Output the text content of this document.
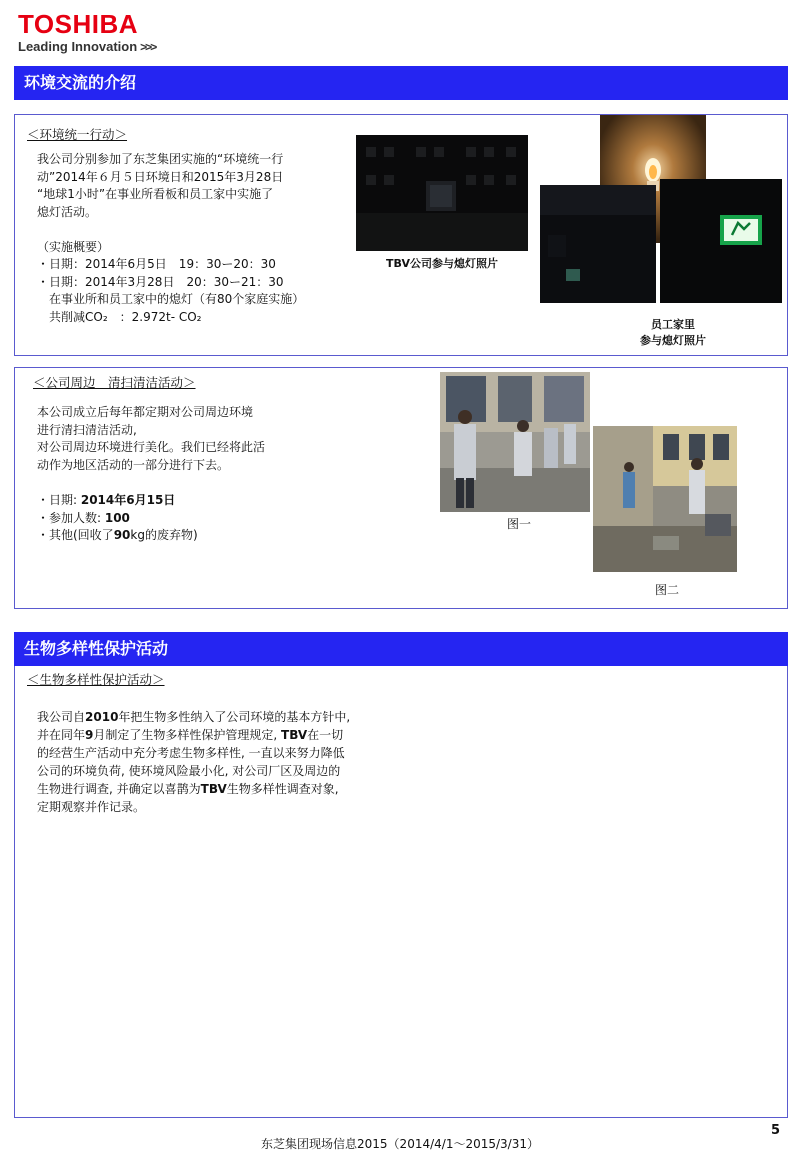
TOSHIBA
Leading Innovation >>>
环境交流的介绍
＜环境统一行动＞
我公司分别参加了东芝集团实施的“环境统一行
动”2014年６月５日环境日和2015年3月28日
“地球1小时”在事业所看板和员工家中实施了
熄灯活动。
（实施概要）
・日期：2014年6月5日　19：30ー20：30
・日期：2014年3月28日　20：30ー21：30
　在事业所和员工家中的熄灯（有80个家庭实施）
　共削减CO₂　：2.972t- CO₂
TBV公司参与熄灯照片
员工家里
参与熄灯照片
＜公司周边　清扫清洁活动＞
本公司成立后每年都定期对公司周边环境
进行清扫清洁活动,
对公司周边环境进行美化。我们已经将此活
动作为地区活动的一部分进行下去。
・日期: 2014年6月15日
・参加人数: 100
・其他(回收了90kg的废弃物)
图一
图二
生物多样性保护活动
＜生物多样性保护活动＞
我公司自2010年把生物多性纳入了公司环境的基本方针中,
并在同年9月制定了生物多样性保护管理规定, TBV在一切
的经营生产活动中充分考虑生物多样性, 一直以来努力降低
公司的环境负荷, 使环境风险最小化, 对公司厂区及周边的
生物进行调查, 并确定以喜鹊为TBV生物多样性调查对象,
定期观察并作记录。
5
东芝集团现场信息2015（2014/4/1～2015/3/31）
